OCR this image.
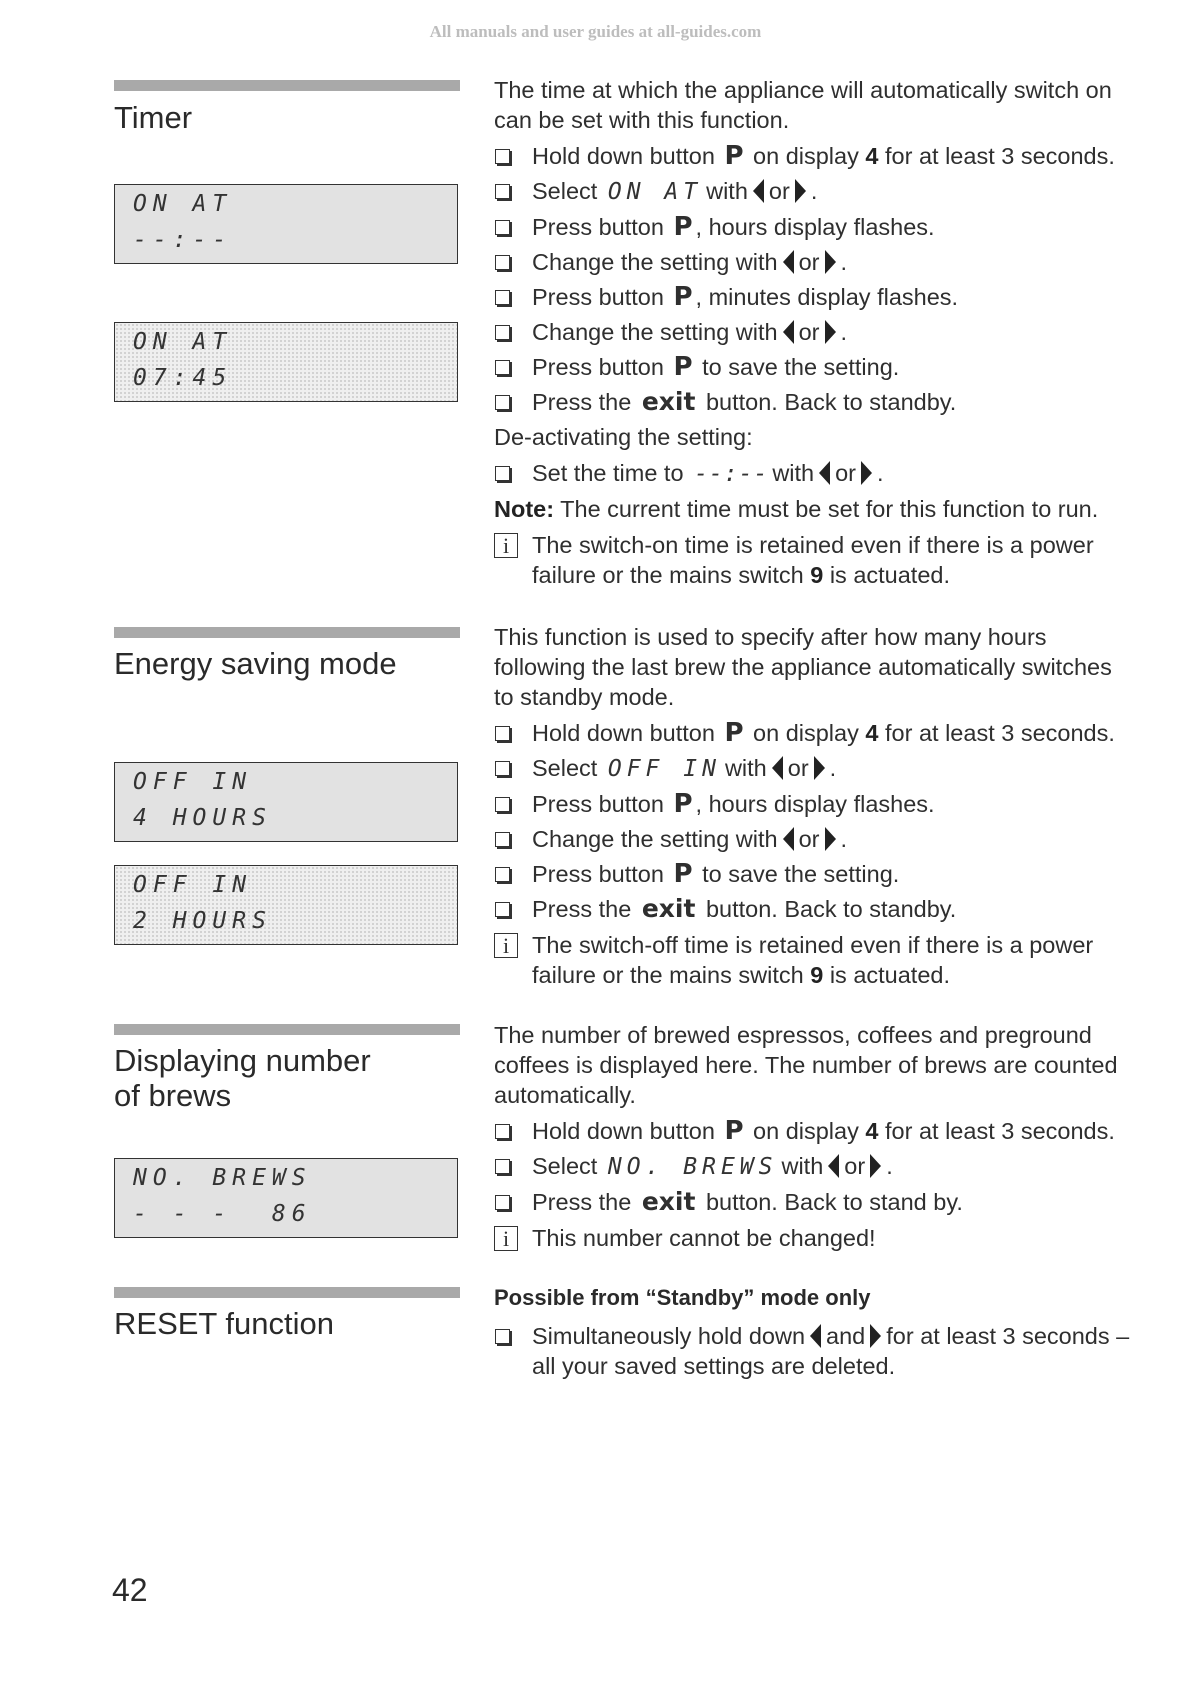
All manuals and user guides at all-guides.com
Timer
ON AT
--:--
ON AT
07:45
The time at which the appliance will automatically switch on can be set with this function.
Hold down button P on display 4 for at least 3 seconds.
Select ON AT with or .
Press button P , hours display flashes.
Change the setting with or .
Press button P , minutes display flashes.
Change the setting with or .
Press button P to save the setting.
Press the exit button. Back to standby.
De-activating the setting:
Set the time to --:-- with or .
Note: The current time must be set for this function to run.
i The switch-on time is retained even if there is a power failure or the mains switch 9 is actuated.
Energy saving mode
OFF IN
4 HOURS
OFF IN
2 HOURS
This function is used to specify after how many hours following the last brew the appliance automatically switches to standby mode.
Hold down button P on display 4 for at least 3 seconds.
Select OFF IN with or .
Press button P , hours display flashes.
Change the setting with or .
Press button P to save the setting.
Press the exit button. Back to standby.
i The switch-off time is retained even if there is a power failure or the mains switch 9 is actuated.
Displaying number
of brews
NO. BREWS
- - -  86
The number of brewed espressos, coffees and preground coffees is displayed here. The number of brews are counted automatically.
Hold down button P on display 4 for at least 3 seconds.
Select NO. BREWS with or .
Press the exit button. Back to stand by.
i This number cannot be changed!
RESET function
Possible from “Standby” mode only
Simultaneously hold down and for at least 3 seconds – all your saved settings are deleted.
42
